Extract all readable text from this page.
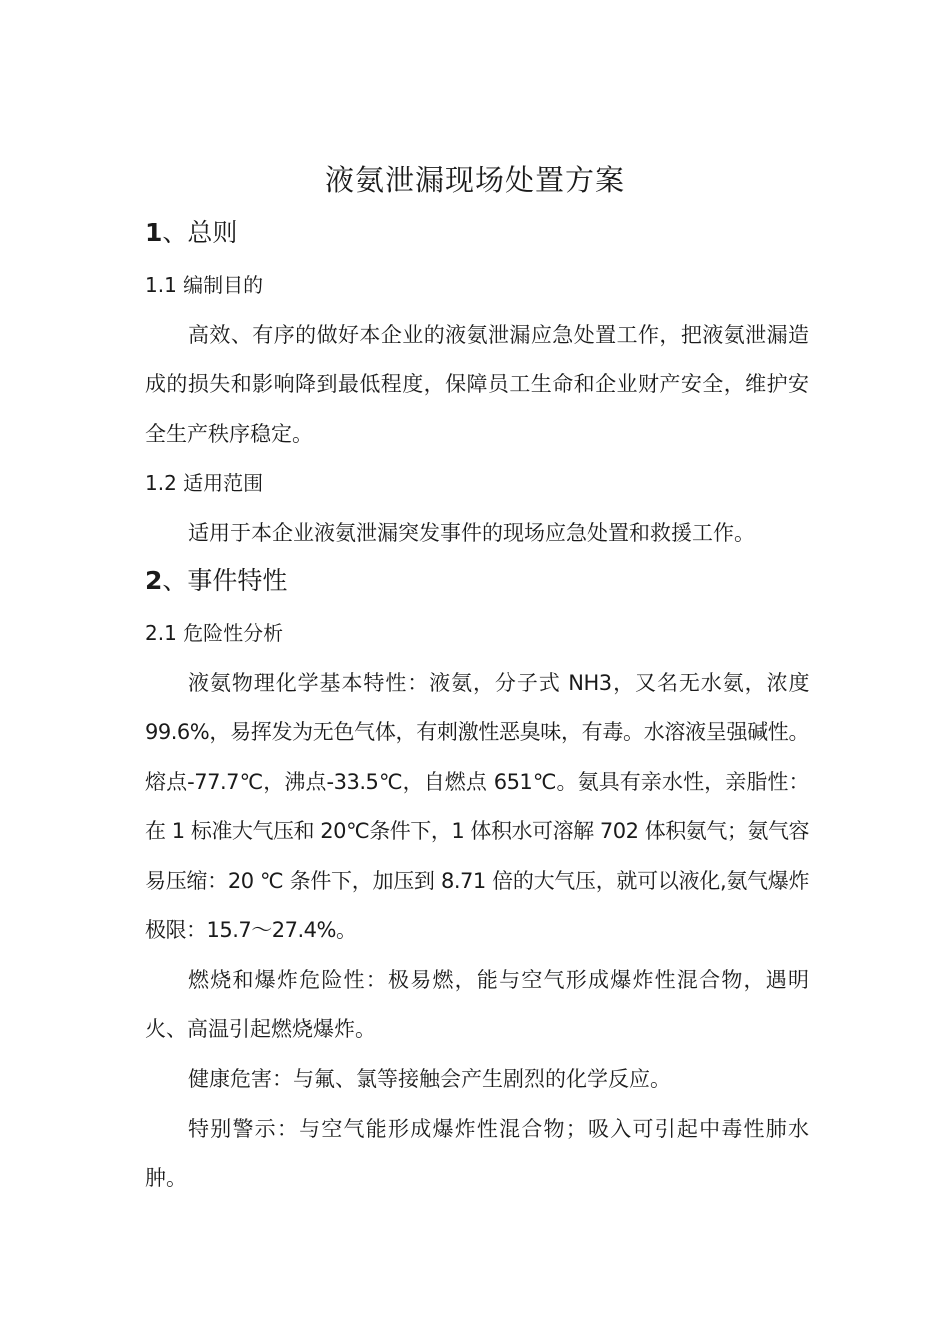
液氨泄漏现场处置方案
1、总则
1.1 编制目的

高效、有序的做好本企业的液氨泄漏应急处置工作，把液氨泄漏造成的损失和影响降到最低程度，保障员工生命和企业财产安全，维护安全生产秩序稳定。

1.2 适用范围

适用于本企业液氨泄漏突发事件的现场应急处置和救援工作。

2、事件特性
2.1 危险性分析

液氨物理化学基本特性：液氨，分子式 NH3，又名无水氨，浓度 99.6%，易挥发为无色气体，有刺激性恶臭味，有毒。水溶液呈强碱性。熔点-77.7℃，沸点-33.5℃，自燃点 651℃。氨具有亲水性，亲脂性：在 1 标准大气压和 20℃条件下，1 体积水可溶解 702 体积氨气；氨气容易压缩：20 ℃ 条件下，加压到 8.71 倍的大气压，就可以液化,氨气爆炸极限：15.7～27.4%。

燃烧和爆炸危险性：极易燃，能与空气形成爆炸性混合物，遇明火、高温引起燃烧爆炸。

健康危害：与氟、氯等接触会产生剧烈的化学反应。

特别警示：与空气能形成爆炸性混合物；吸入可引起中毒性肺水肿。
